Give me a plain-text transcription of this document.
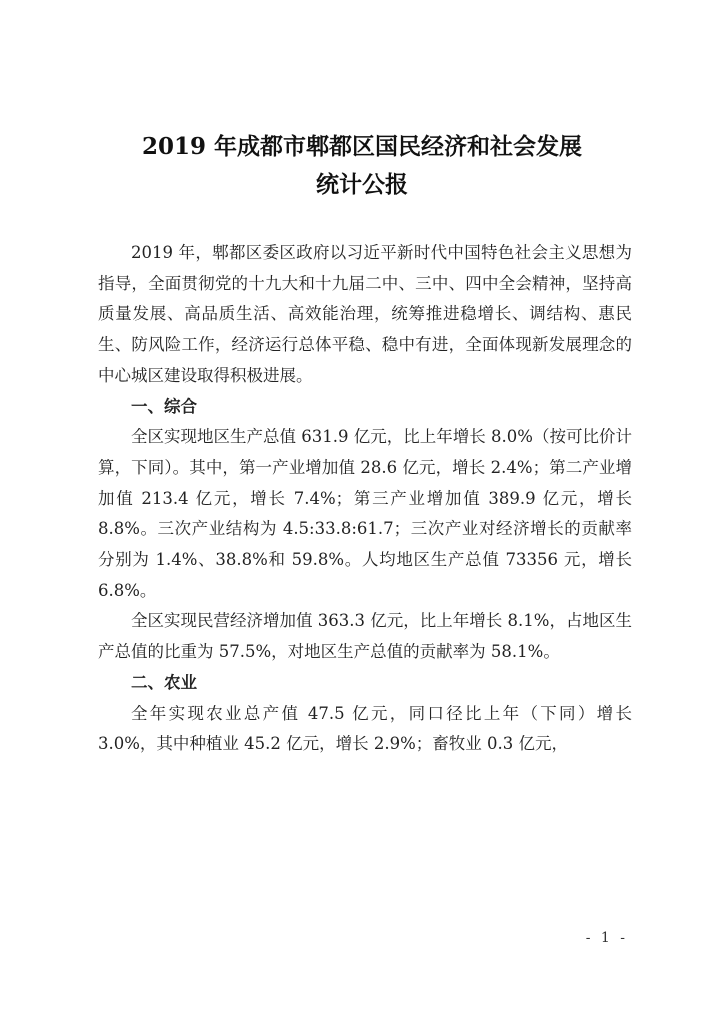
2019 年成都市郫都区国民经济和社会发展
统计公报

2019 年，郫都区委区政府以习近平新时代中国特色社会主义思想为指导，全面贯彻党的十九大和十九届二中、三中、四中全会精神，坚持高质量发展、高品质生活、高效能治理，统筹推进稳增长、调结构、惠民生、防风险工作，经济运行总体平稳、稳中有进，全面体现新发展理念的中心城区建设取得积极进展。

一、综合

全区实现地区生产总值 631.9 亿元，比上年增长 8.0%（按可比价计算，下同）。其中，第一产业增加值 28.6 亿元，增长 2.4%；第二产业增加值 213.4 亿元，增长 7.4%；第三产业增加值 389.9 亿元，增长 8.8%。三次产业结构为 4.5:33.8:61.7；三次产业对经济增长的贡献率分别为 1.4%、38.8%和 59.8%。人均地区生产总值 73356 元，增长 6.8%。

全区实现民营经济增加值 363.3 亿元，比上年增长 8.1%，占地区生产总值的比重为 57.5%，对地区生产总值的贡献率为 58.1%。

二、农业

全年实现农业总产值 47.5 亿元，同口径比上年（下同）增长 3.0%，其中种植业 45.2 亿元，增长 2.9%；畜牧业 0.3 亿元，

- 1 -
